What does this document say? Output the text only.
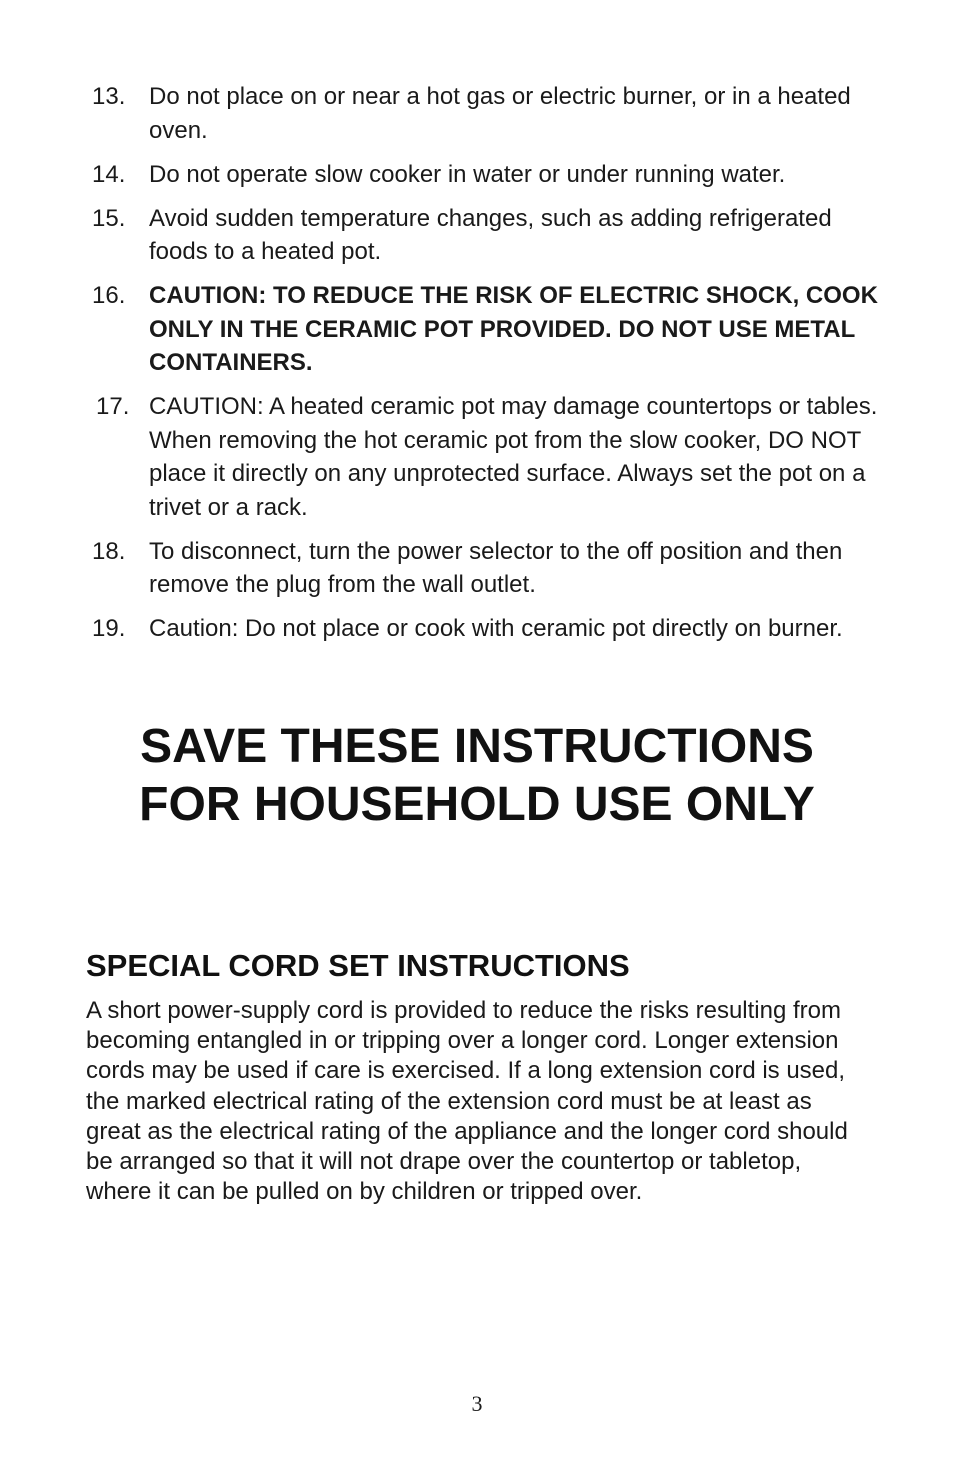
13. Do not place on or near a hot gas or electric burner, or in a heated oven.
14. Do not operate slow cooker in water or under running water.
15. Avoid sudden temperature changes, such as adding refrigerated foods to a heated pot.
16. CAUTION: TO REDUCE THE RISK OF ELECTRIC SHOCK, COOK ONLY IN THE CERAMIC POT PROVIDED. DO NOT USE METAL CONTAINERS.
17. CAUTION: A heated ceramic pot may damage countertops or tables. When removing the hot ceramic pot from the slow cooker, DO NOT place it directly on any unprotected surface. Always set the pot on a trivet or a rack.
18. To disconnect, turn the power selector to the off position and then remove the plug from the wall outlet.
19. Caution: Do not place or cook with ceramic pot directly on burner.
SAVE THESE INSTRUCTIONS
FOR HOUSEHOLD USE ONLY
SPECIAL CORD SET INSTRUCTIONS

A short power-supply cord is provided to reduce the risks resulting from becoming entangled in or tripping over a longer cord. Longer extension cords may be used if care is exercised. If a long extension cord is used, the marked electrical rating of the extension cord must be at least as great as the electrical rating of the appliance and the longer cord should be arranged so that it will not drape over the countertop or tabletop, where it can be pulled on by children or tripped over.

3
